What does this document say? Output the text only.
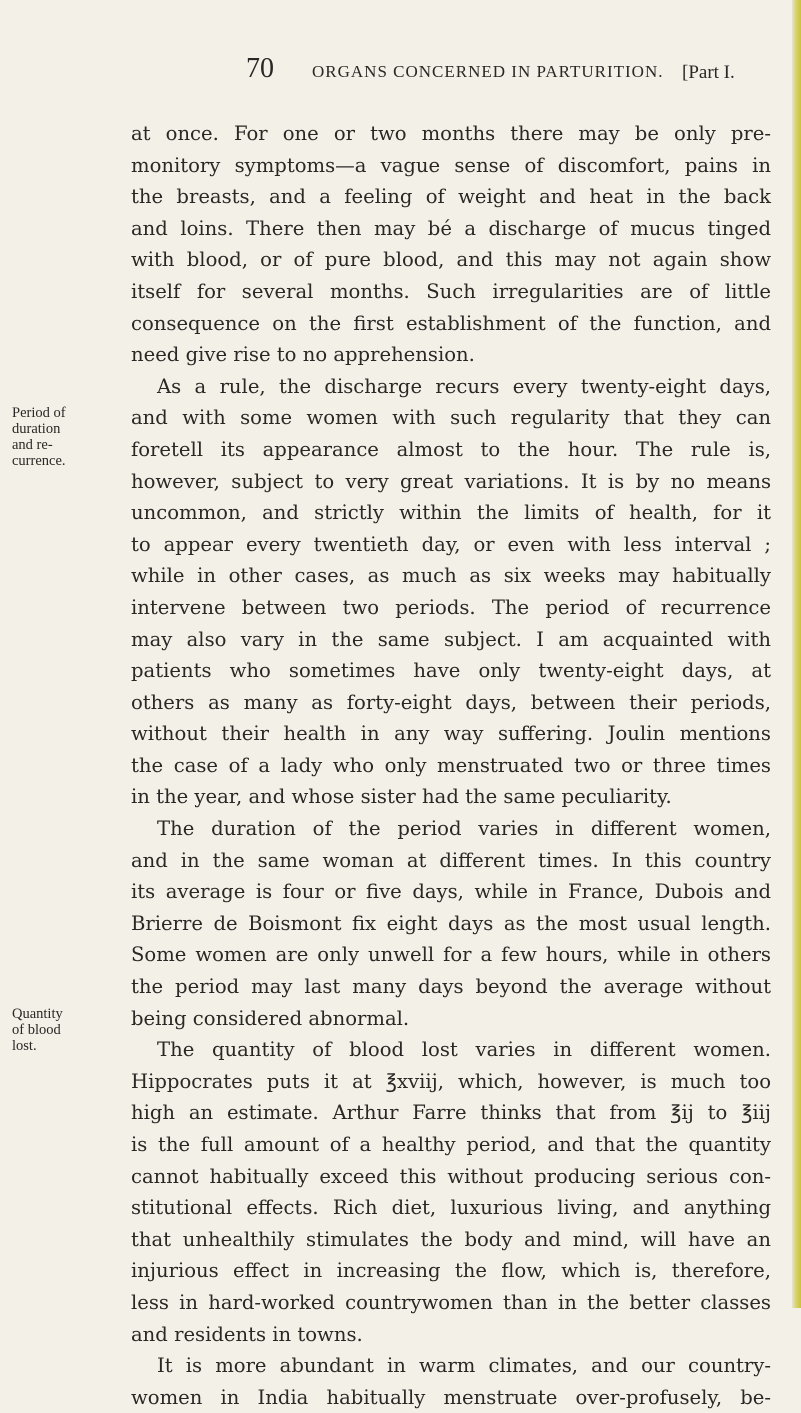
70 ORGANS CONCERNED IN PARTURITION. [Part I.
Period of
duration
and re-
currence.
Quantity
of blood
lost.
at once. For one or two months there may be only pre-
monitory symptoms—a vague sense of discomfort, pains in
the breasts, and a feeling of weight and heat in the back
and loins. There then may bé a discharge of mucus tinged
with blood, or of pure blood, and this may not again show
itself for several months. Such irregularities are of little
consequence on the first establishment of the function, and
need give rise to no apprehension.
As a rule, the discharge recurs every twenty-eight days,
and with some women with such regularity that they can
foretell its appearance almost to the hour. The rule is,
however, subject to very great variations. It is by no means
uncommon, and strictly within the limits of health, for it
to appear every twentieth day, or even with less interval ;
while in other cases, as much as six weeks may habitually
intervene between two periods. The period of recurrence
may also vary in the same subject. I am acquainted with
patients who sometimes have only twenty-eight days, at
others as many as forty-eight days, between their periods,
without their health in any way suffering. Joulin mentions
the case of a lady who only menstruated two or three times
in the year, and whose sister had the same peculiarity.
The duration of the period varies in different women,
and in the same woman at different times. In this country
its average is four or five days, while in France, Dubois and
Brierre de Boismont fix eight days as the most usual length.
Some women are only unwell for a few hours, while in others
the period may last many days beyond the average without
being considered abnormal.
The quantity of blood lost varies in different women.
Hippocrates puts it at ℥xviij, which, however, is much too
high an estimate. Arthur Farre thinks that from ℥ij to ℥iij
is the full amount of a healthy period, and that the quantity
cannot habitually exceed this without producing serious con-
stitutional effects. Rich diet, luxurious living, and anything
that unhealthily stimulates the body and mind, will have an
injurious effect in increasing the flow, which is, therefore,
less in hard-worked countrywomen than in the better classes
and residents in towns.
It is more abundant in warm climates, and our country-
women in India habitually menstruate over-profusely, be-
